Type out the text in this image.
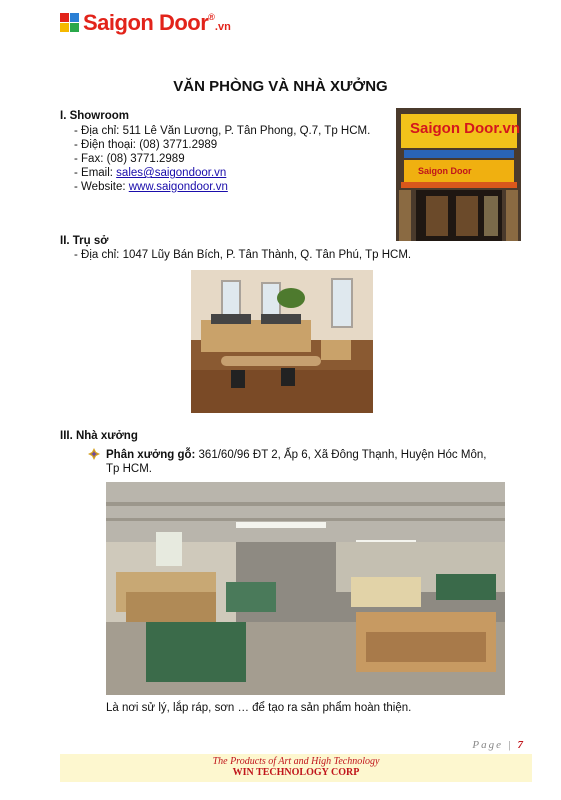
Saigon Door ®
.vn
VĂN PHÒNG VÀ NHÀ XƯỞNG
I. Showroom
- Địa chỉ: 511 Lê Văn Lương, P. Tân Phong, Q.7, Tp HCM.
- Điện thoại: (08) 3771.2989
- Fax: (08) 3771.2989
- Email: sales@saigondoor.vn
- Website: www.saigondoor.vn
Saigon Door.vn
Saigon Door
II. Trụ sở
- Địa chỉ: 1047 Lũy Bán Bích, P. Tân Thành, Q. Tân Phú, Tp HCM.
III. Nhà xưởng
Phân xưởng gỗ: 361/60/96 ĐT 2, Ấp 6, Xã Đông Thạnh, Huyện Hóc Môn,
Tp HCM.
Là nơi sử lý, lắp ráp, sơn … để tạo ra sản phẩm hoàn thiện.
Page | 7
The Products of Art and High Technology
WIN TECHNOLOGY CORP
